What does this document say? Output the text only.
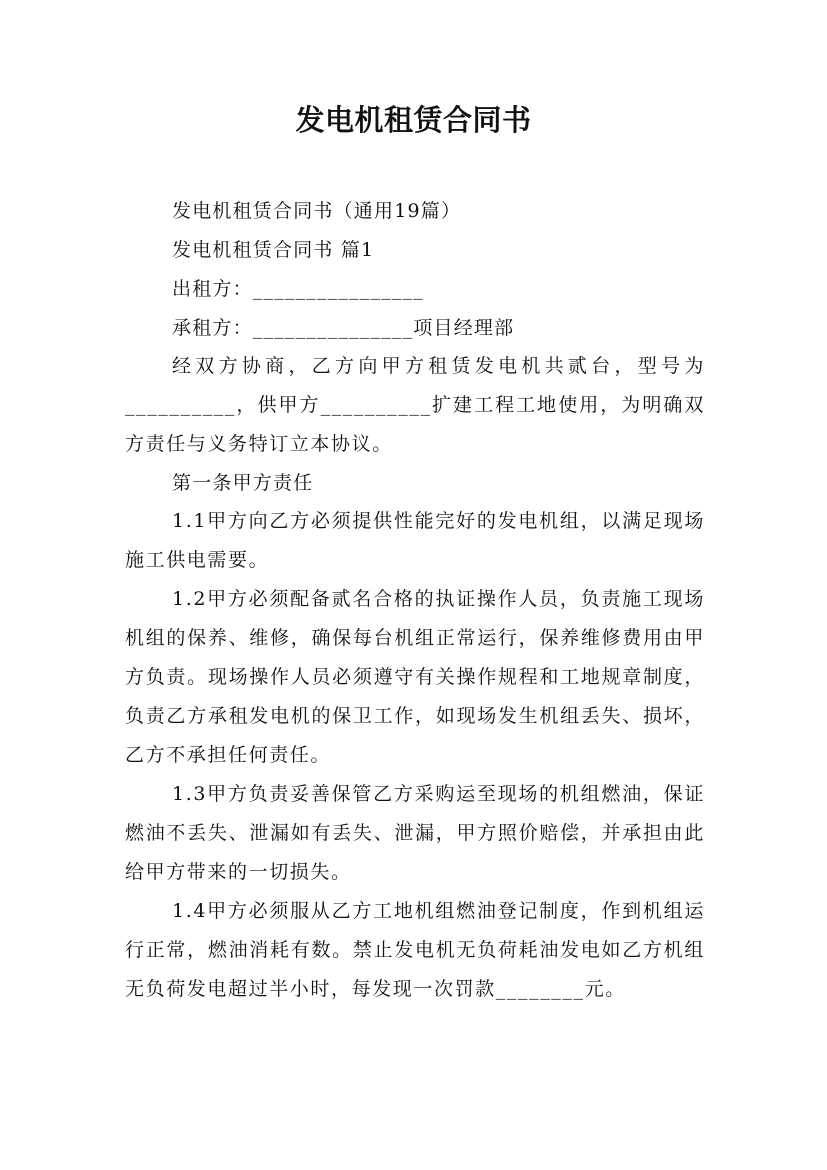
发电机租赁合同书
发电机租赁合同书（通用19篇）
发电机租赁合同书 篇1
出租方：________________
承租方：_______________项目经理部
经双方协商，乙方向甲方租赁发电机共贰台，型号为__________，供甲方__________扩建工程工地使用，为明确双方责任与义务特订立本协议。
第一条甲方责任
1.1甲方向乙方必须提供性能完好的发电机组，以满足现场施工供电需要。
1.2甲方必须配备贰名合格的执证操作人员，负责施工现场机组的保养、维修，确保每台机组正常运行，保养维修费用由甲方负责。现场操作人员必须遵守有关操作规程和工地规章制度，负责乙方承租发电机的保卫工作，如现场发生机组丢失、损坏，乙方不承担任何责任。
1.3甲方负责妥善保管乙方采购运至现场的机组燃油，保证燃油不丢失、泄漏如有丢失、泄漏，甲方照价赔偿，并承担由此给甲方带来的一切损失。
1.4甲方必须服从乙方工地机组燃油登记制度，作到机组运行正常，燃油消耗有数。禁止发电机无负荷耗油发电如乙方机组无负荷发电超过半小时，每发现一次罚款________元。
